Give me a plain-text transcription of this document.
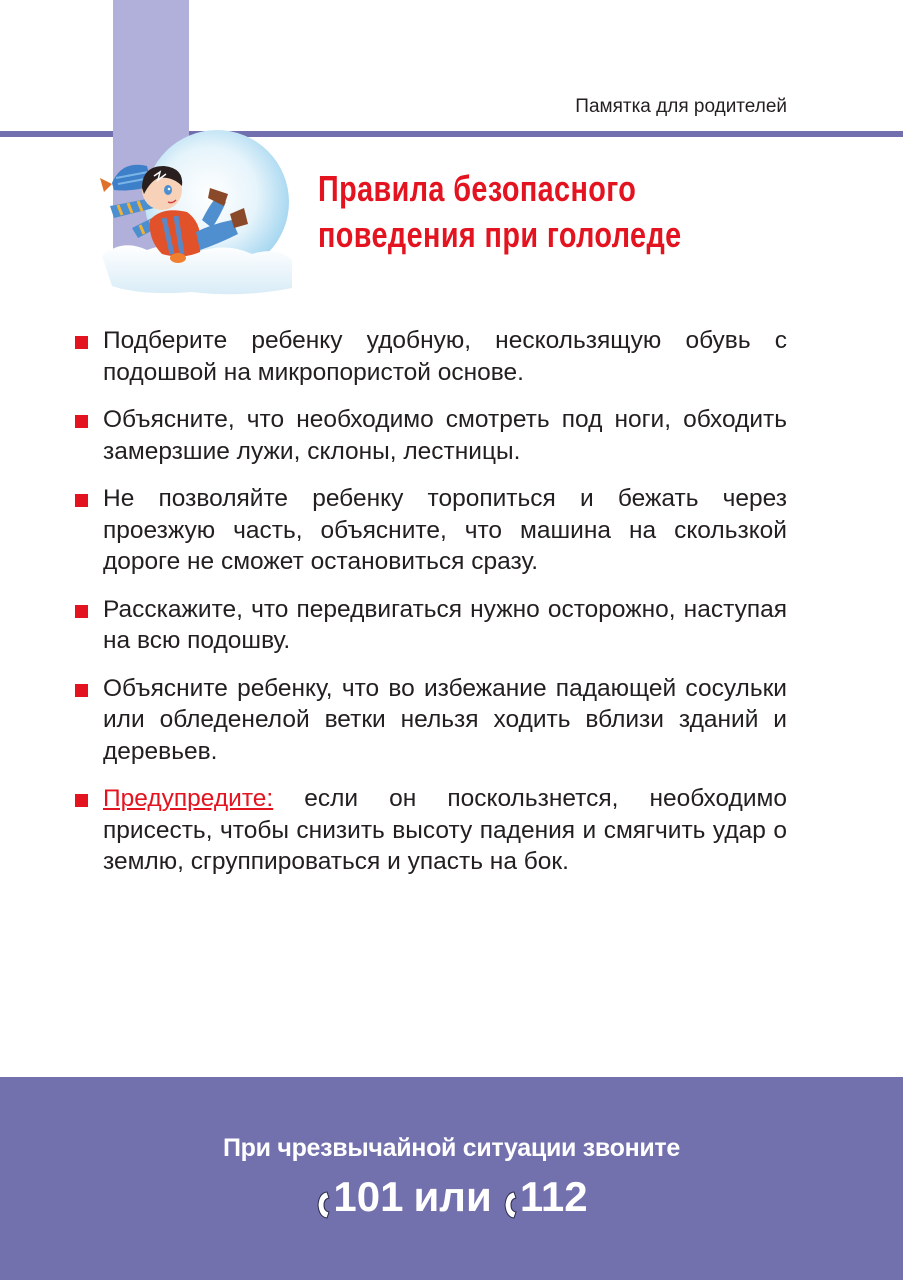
Памятка для родителей
Правила безопасного
поведения при гололеде
Подберите ребенку удобную, нескользящую обувь с подошвой на микропористой основе.
Объясните, что необходимо смотреть под ноги, обходить замерзшие лужи, склоны, лестницы.
Не позволяйте ребенку торопиться и бежать через проезжую часть, объясните, что машина на скользкой дороге не сможет остановиться сразу.
Расскажите, что передвигаться нужно осторожно, наступая на всю подошву.
Объясните ребенку, что во избежание падающей сосульки или обледенелой ветки нельзя ходить вблизи зданий и деревьев.
Предупредите: если он поскользнется, необходимо присесть, чтобы снизить высоту падения и смягчить удар о землю, сгруппироваться и упасть на бок.
При чрезвычайной ситуации звоните
101 или 112
